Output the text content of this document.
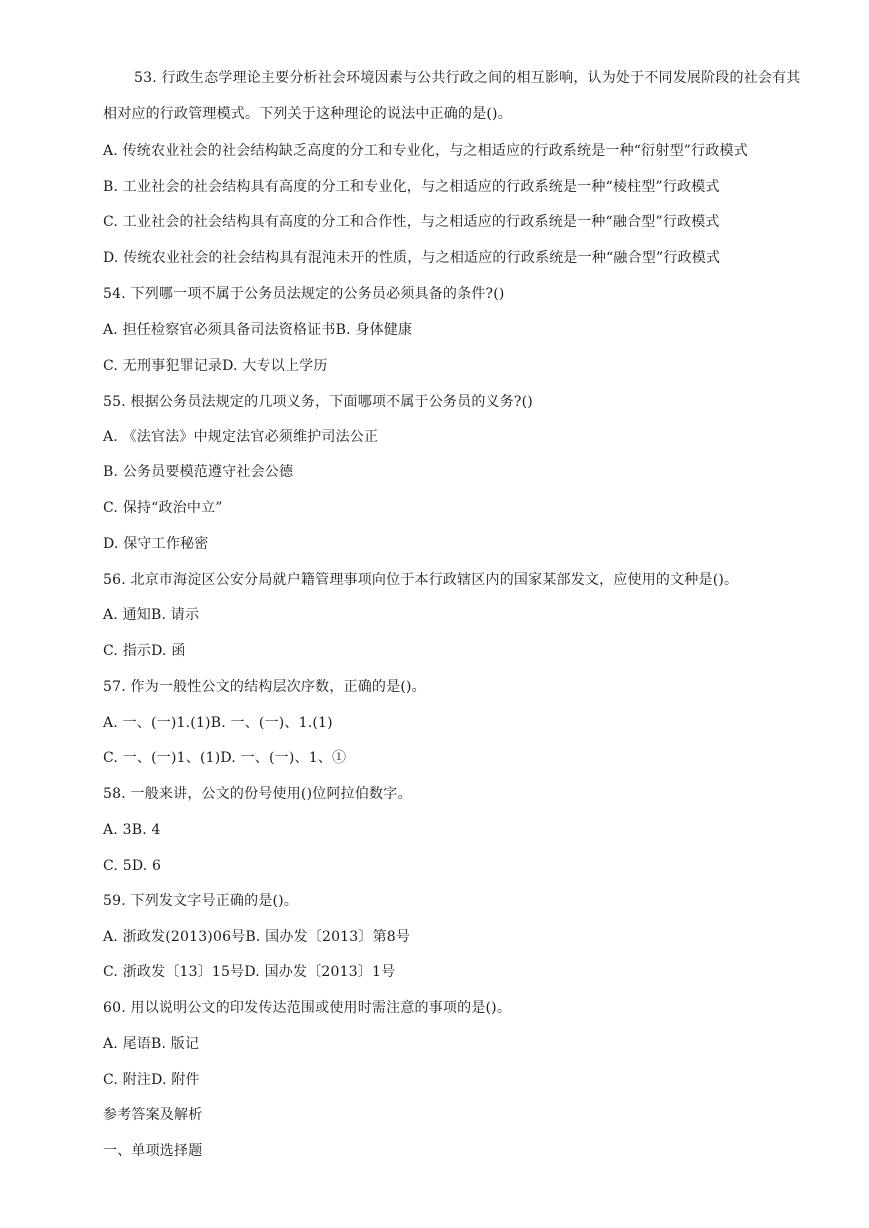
53. 行政生态学理论主要分析社会环境因素与公共行政之间的相互影响，认为处于不同发展阶段的社会有其
相对应的行政管理模式。下列关于这种理论的说法中正确的是()。
A. 传统农业社会的社会结构缺乏高度的分工和专业化，与之相适应的行政系统是一种“衍射型”行政模式
B. 工业社会的社会结构具有高度的分工和专业化，与之相适应的行政系统是一种“棱柱型”行政模式
C. 工业社会的社会结构具有高度的分工和合作性，与之相适应的行政系统是一种“融合型”行政模式
D. 传统农业社会的社会结构具有混沌未开的性质，与之相适应的行政系统是一种“融合型”行政模式
54. 下列哪一项不属于公务员法规定的公务员必须具备的条件?()
A. 担任检察官必须具备司法资格证书B. 身体健康
C. 无刑事犯罪记录D. 大专以上学历
55. 根据公务员法规定的几项义务，下面哪项不属于公务员的义务?()
A. 《法官法》中规定法官必须维护司法公正
B. 公务员要模范遵守社会公德
C. 保持“政治中立”
D. 保守工作秘密
56. 北京市海淀区公安分局就户籍管理事项向位于本行政辖区内的国家某部发文，应使用的文种是()。
A. 通知B. 请示
C. 指示D. 函
57. 作为一般性公文的结构层次序数，正确的是()。
A. 一、(一)1.(1)B. 一、(一)、1.(1)
C. 一、(一)1、(1)D. 一、(一)、1、①
58. 一般来讲，公文的份号使用()位阿拉伯数字。
A. 3B. 4
C. 5D. 6
59. 下列发文字号正确的是()。
A. 浙政发(2013)06号B. 国办发〔2013〕第8号
C. 浙政发〔13〕15号D. 国办发〔2013〕1号
60. 用以说明公文的印发传达范围或使用时需注意的事项的是()。
A. 尾语B. 版记
C. 附注D. 附件
参考答案及解析
一、单项选择题
